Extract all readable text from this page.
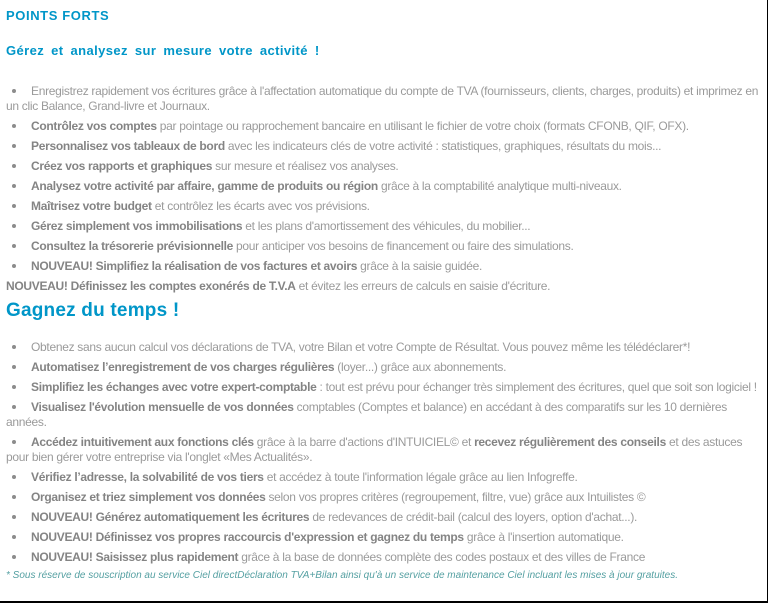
POINTS FORTS
Gérez et analysez sur mesure votre activité !
Enregistrez rapidement vos écritures grâce à l'affectation automatique du compte de TVA (fournisseurs, clients, charges, produits) et imprimez en un clic Balance, Grand-livre et Journaux.
Contrôlez vos comptes par pointage ou rapprochement bancaire en utilisant le fichier de votre choix (formats CFONB, QIF, OFX).
Personnalisez vos tableaux de bord avec les indicateurs clés de votre activité : statistiques, graphiques, résultats du mois...
Créez vos rapports et graphiques sur mesure et réalisez vos analyses.
Analysez votre activité par affaire, gamme de produits ou région grâce à la comptabilité analytique multi-niveaux.
Maîtrisez votre budget et contrôlez les écarts avec vos prévisions.
Gérez simplement vos immobilisations et les plans d'amortissement des véhicules, du mobilier...
Consultez la trésorerie prévisionnelle pour anticiper vos besoins de financement ou faire des simulations.
NOUVEAU! Simplifiez la réalisation de vos factures et avoirs grâce à la saisie guidée.
NOUVEAU! Définissez les comptes exonérés de T.V.A et évitez les erreurs de calculs en saisie d'écriture.
Gagnez du temps !
Obtenez sans aucun calcul vos déclarations de TVA, votre Bilan et votre Compte de Résultat. Vous pouvez même les télédéclarer*!
Automatisez l’enregistrement de vos charges régulières (loyer...) grâce aux abonnements.
Simplifiez les échanges avec votre expert-comptable : tout est prévu pour échanger très simplement des écritures, quel que soit son logiciel !
Visualisez l'évolution mensuelle de vos données comptables (Comptes et balance) en accédant à des comparatifs sur les 10 dernières années.
Accédez intuitivement aux fonctions clés grâce à la barre d'actions d'INTUICIEL© et recevez régulièrement des conseils et des astuces pour bien gérer votre entreprise via l'onglet «Mes Actualités».
Vérifiez l’adresse, la solvabilité de vos tiers et accédez à toute l'information légale grâce au lien Infogreffe.
Organisez et triez simplement vos données selon vos propres critères (regroupement, filtre, vue) grâce aux Intuilistes ©
NOUVEAU! Générez automatiquement les écritures de redevances de crédit-bail (calcul des loyers, option d'achat...).
NOUVEAU! Définissez vos propres raccourcis d'expression et gagnez du temps grâce à l'insertion automatique.
NOUVEAU! Saisissez plus rapidement grâce à la base de données complète des codes postaux et des villes de France
* Sous réserve de souscription au service Ciel directDéclaration TVA+Bilan ainsi qu'à un service de maintenance Ciel incluant les mises à jour gratuites.
